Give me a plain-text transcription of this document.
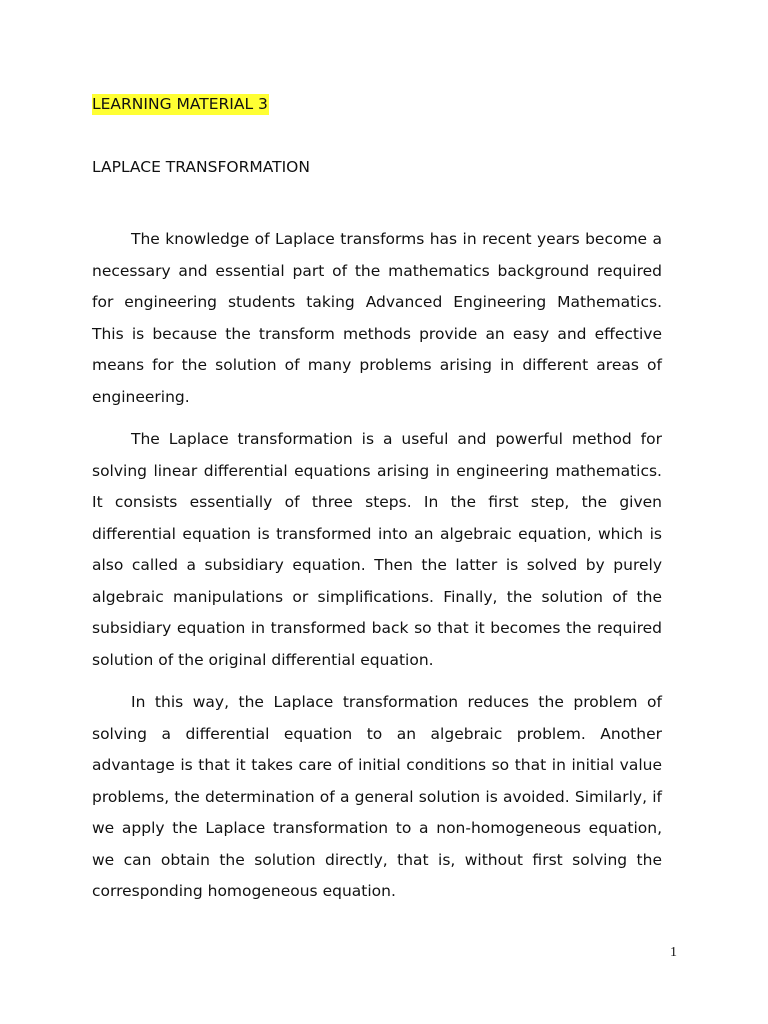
LEARNING MATERIAL 3
LAPLACE TRANSFORMATION

The knowledge of Laplace transforms has in recent years become a necessary and essential part of the mathematics background required for engineering students taking Advanced Engineering Mathematics. This is because the transform methods provide an easy and effective means for the solution of many problems arising in different areas of engineering.

The Laplace transformation is a useful and powerful method for solving linear differential equations arising in engineering mathematics. It consists essentially of three steps. In the first step, the given differential equation is transformed into an algebraic equation, which is also called a subsidiary equation. Then the latter is solved by purely algebraic manipulations or simplifications. Finally, the solution of the subsidiary equation in transformed back so that it becomes the required solution of the original differential equation.

In this way, the Laplace transformation reduces the problem of solving a differential equation to an algebraic problem. Another advantage is that it takes care of initial conditions so that in initial value problems, the determination of a general solution is avoided. Similarly, if we apply the Laplace transformation to a non-homogeneous equation, we can obtain the solution directly, that is, without first solving the corresponding homogeneous equation.

1
